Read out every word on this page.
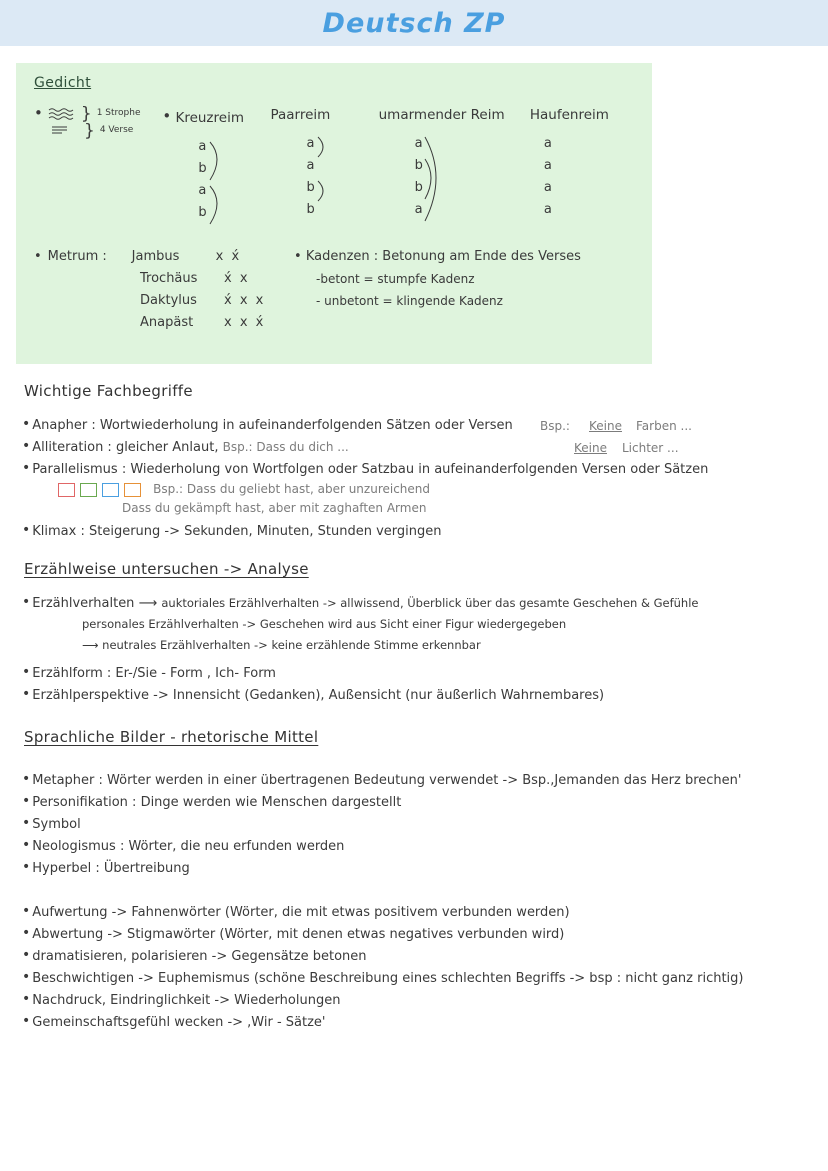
Deutsch ZP
Gedicht
• } 1 Strophe
} 4 Verse
• Kreuzreim
a
b
a
b
Paarreim
a
a
b
b
umarmender Reim
a
b
b
a
Haufenreim
a
a
a
a
• Metrum :	Jambus	x x́
Trochäus	x́ x
Daktylus	x́ x x
Anapäst	x x x́
• Kadenzen : Betonung am Ende des Verses
-betont = stumpfe Kadenz
- unbetont = klingende Kadenz
Wichtige Fachbegriffe
• Anapher : Wortwiederholung in aufeinanderfolgenden Sätzen oder Versen Bsp.: Keine Farben ...
• Alliteration : gleicher Anlaut, Bsp.: Dass du dich ...	Keine Lichter ...
• Parallelismus : Wiederholung von Wortfolgen oder Satzbau in aufeinanderfolgenden Versen oder Sätzen
Bsp.: Dass du geliebt hast, aber unzureichend
Dass du gekämpft hast, aber mit zaghaften Armen
• Klimax : Steigerung -> Sekunden, Minuten, Stunden vergingen
Erzählweise untersuchen -> Analyse
• Erzählverhalten ⟶ auktoriales Erzählverhalten -> allwissend, Überblick über das gesamte Geschehen & Gefühle
personales Erzählverhalten -> Geschehen wird aus Sicht einer Figur wiedergegeben
⟶ neutrales Erzählverhalten -> keine erzählende Stimme erkennbar
• Erzählform : Er-/Sie - Form , Ich- Form
• Erzählperspektive -> Innensicht (Gedanken), Außensicht (nur äußerlich Wahrnembares)
Sprachliche Bilder - rhetorische Mittel
• Metapher : Wörter werden in einer übertragenen Bedeutung verwendet -> Bsp.,Jemanden das Herz brechen'
• Personifikation : Dinge werden wie Menschen dargestellt
• Symbol
• Neologismus : Wörter, die neu erfunden werden
• Hyperbel : Übertreibung
• Aufwertung -> Fahnenwörter (Wörter, die mit etwas positivem verbunden werden)
• Abwertung -> Stigmawörter (Wörter, mit denen etwas negatives verbunden wird)
• dramatisieren, polarisieren -> Gegensätze betonen
• Beschwichtigen -> Euphemismus (schöne Beschreibung eines schlechten Begriffs -> bsp : nicht ganz richtig)
• Nachdruck, Eindringlichkeit -> Wiederholungen
• Gemeinschaftsgefühl wecken -> ,Wir - Sätze'
